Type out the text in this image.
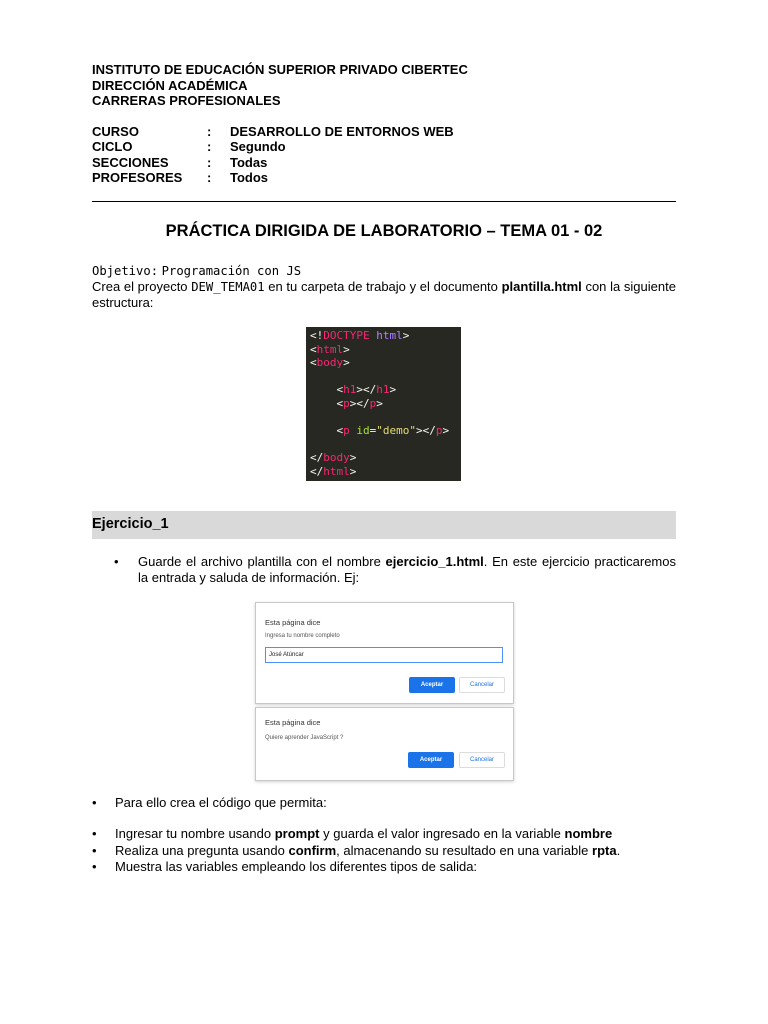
INSTITUTO DE EDUCACIÓN SUPERIOR PRIVADO CIBERTEC
DIRECCIÓN ACADÉMICA
CARRERAS PROFESIONALES
CURSO	: DESARROLLO DE ENTORNOS WEB
CICLO	: Segundo
SECCIONES	: Todas
PROFESORES : Todos
PRÁCTICA DIRIGIDA DE LABORATORIO – TEMA 01 - 02
Objetivo: Programación con JS
Crea el proyecto DEW_TEMA01 en tu carpeta de trabajo y el documento plantilla.html con la siguiente estructura:
<!DOCTYPE html>
<html>
<body>

<h1></h1>
<p></p>

<p id="demo"></p>

</body>
</html>
Ejercicio_1
• Guarde el archivo plantilla con el nombre ejercicio_1.html. En este ejercicio practicaremos la entrada y saluda de información. Ej:
Esta página dice
Ingresa tu nombre completo
José Atúncar
Aceptar	Cancelar
Esta página dice
Quiere aprender JavaScript ?
Aceptar	Cancelar
• Para ello crea el código que permita:
• Ingresar tu nombre usando prompt y guarda el valor ingresado en la variable nombre
• Realiza una pregunta usando confirm, almacenando su resultado en una variable rpta.
• Muestra las variables empleando los diferentes tipos de salida:
